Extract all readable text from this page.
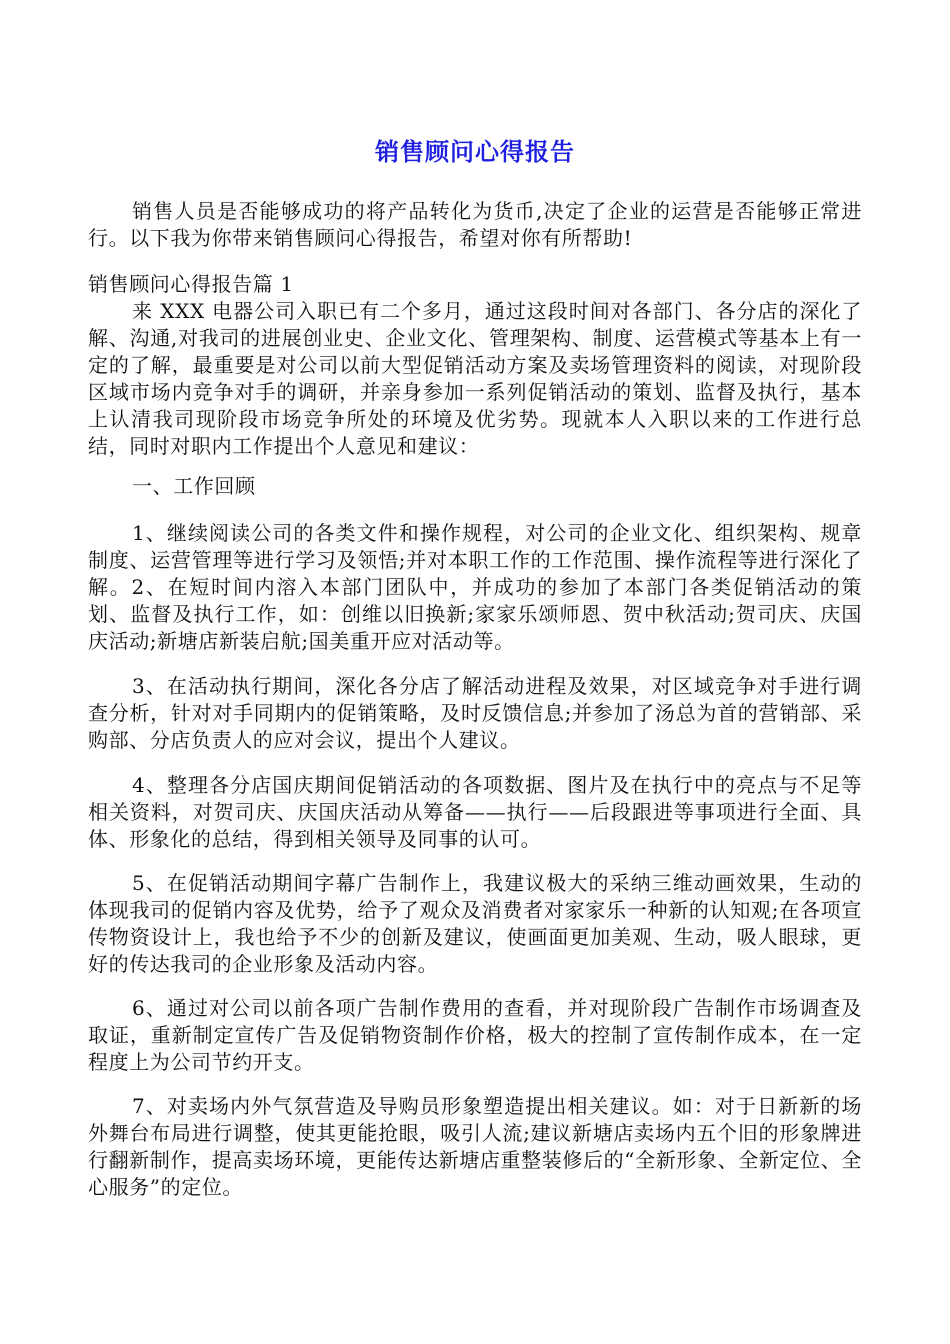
销售顾问心得报告

销售人员是否能够成功的将产品转化为货币,决定了企业的运营是否能够正常进行。以下我为你带来销售顾问心得报告，希望对你有所帮助!

销售顾问心得报告篇 1

来 XXX 电器公司入职已有二个多月，通过这段时间对各部门、各分店的深化了解、沟通,对我司的进展创业史、企业文化、管理架构、制度、运营模式等基本上有一定的了解，最重要是对公司以前大型促销活动方案及卖场管理资料的阅读，对现阶段区域市场内竞争对手的调研，并亲身参加一系列促销活动的策划、监督及执行，基本上认清我司现阶段市场竞争所处的环境及优劣势。现就本人入职以来的工作进行总结，同时对职内工作提出个人意见和建议：

一、工作回顾

1、继续阅读公司的各类文件和操作规程，对公司的企业文化、组织架构、规章制度、运营管理等进行学习及领悟;并对本职工作的工作范围、操作流程等进行深化了解。2、在短时间内溶入本部门团队中，并成功的参加了本部门各类促销活动的策划、监督及执行工作，如：创维以旧换新;家家乐颂师恩、贺中秋活动;贺司庆、庆国庆活动;新塘店新装启航;国美重开应对活动等。

3、在活动执行期间，深化各分店了解活动进程及效果，对区域竞争对手进行调查分析，针对对手同期内的促销策略，及时反馈信息;并参加了汤总为首的营销部、采购部、分店负责人的应对会议，提出个人建议。

4、整理各分店国庆期间促销活动的各项数据、图片及在执行中的亮点与不足等相关资料，对贺司庆、庆国庆活动从筹备——执行——后段跟进等事项进行全面、具体、形象化的总结，得到相关领导及同事的认可。

5、在促销活动期间字幕广告制作上，我建议极大的采纳三维动画效果，生动的体现我司的促销内容及优势，给予了观众及消费者对家家乐一种新的认知观;在各项宣传物资设计上，我也给予不少的创新及建议，使画面更加美观、生动，吸人眼球，更好的传达我司的企业形象及活动内容。

6、通过对公司以前各项广告制作费用的查看，并对现阶段广告制作市场调查及取证，重新制定宣传广告及促销物资制作价格，极大的控制了宣传制作成本，在一定程度上为公司节约开支。

7、对卖场内外气氛营造及导购员形象塑造提出相关建议。如：对于日新新的场外舞台布局进行调整，使其更能抢眼，吸引人流;建议新塘店卖场内五个旧的形象牌进行翻新制作，提高卖场环境，更能传达新塘店重整装修后的“全新形象、全新定位、全心服务”的定位。
